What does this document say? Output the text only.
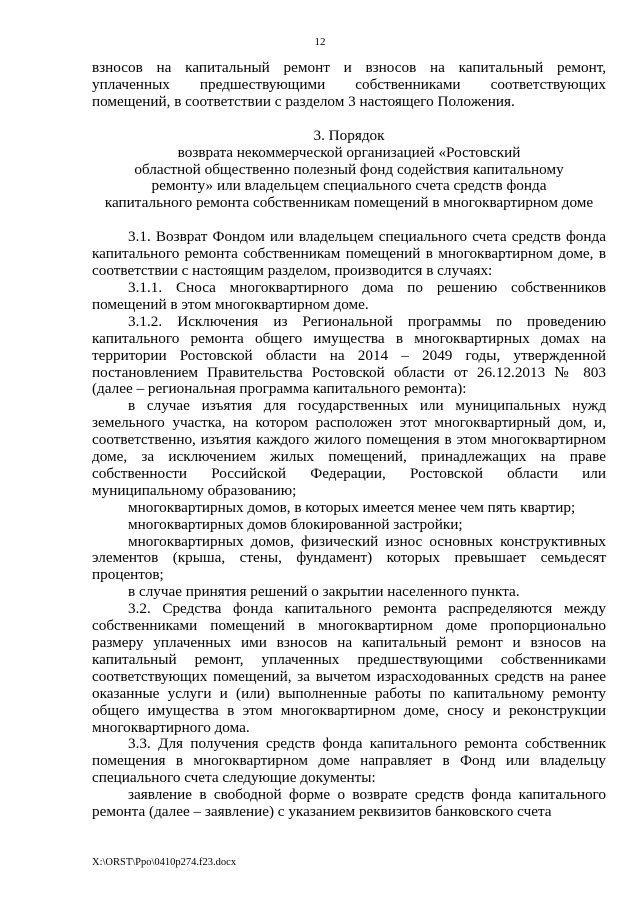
12

взносов на капитальный ремонт и взносов на капитальный ремонт, уплаченных предшествующими собственниками соответствующих помещений, в соответствии с разделом 3 настоящего Положения.

3. Порядок

возврата некоммерческой организацией «Ростовский

областной общественно полезный фонд содействия капитальному

ремонту» или владельцем специального счета средств фонда

капитального ремонта собственникам помещений в многоквартирном доме

3.1. Возврат Фондом или владельцем специального счета средств фонда капитального ремонта собственникам помещений в многоквартирном доме, в соответствии с настоящим разделом, производится в случаях:

3.1.1. Сноса многоквартирного дома по решению собственников помещений в этом многоквартирном доме.

3.1.2. Исключения из Региональной программы по проведению капитального ремонта общего имущества в многоквартирных домах на территории Ростовской области на 2014 – 2049 годы, утвержденной постановлением Правительства Ростовской области от 26.12.2013 № 803 (далее – региональная программа капитального ремонта):

в случае изъятия для государственных или муниципальных нужд земельного участка, на котором расположен этот многоквартирный дом, и, соответственно, изъятия каждого жилого помещения в этом многоквартирном доме, за исключением жилых помещений, принадлежащих на праве собственности Российской Федерации, Ростовской области или муниципальному образованию;

многоквартирных домов, в которых имеется менее чем пять квартир;

многоквартирных домов блокированной застройки;

многоквартирных домов, физический износ основных конструктивных элементов (крыша, стены, фундамент) которых превышает семьдесят процентов;

в случае принятия решений о закрытии населенного пункта.

3.2. Средства фонда капитального ремонта распределяются между собственниками помещений в многоквартирном доме пропорционально размеру уплаченных ими взносов на капитальный ремонт и взносов на капитальный ремонт, уплаченных предшествующими собственниками соответствующих помещений, за вычетом израсходованных средств на ранее оказанные услуги и (или) выполненные работы по капитальному ремонту общего имущества в этом многоквартирном доме, сносу и реконструкции многоквартирного дома.

3.3. Для получения средств фонда капитального ремонта собственник помещения в многоквартирном доме направляет в Фонд или владельцу специального счета следующие документы:

заявление в свободной форме о возврате средств фонда капитального ремонта (далее – заявление) с указанием реквизитов банковского счета

X:\ORST\Ppo\0410p274.f23.docx
